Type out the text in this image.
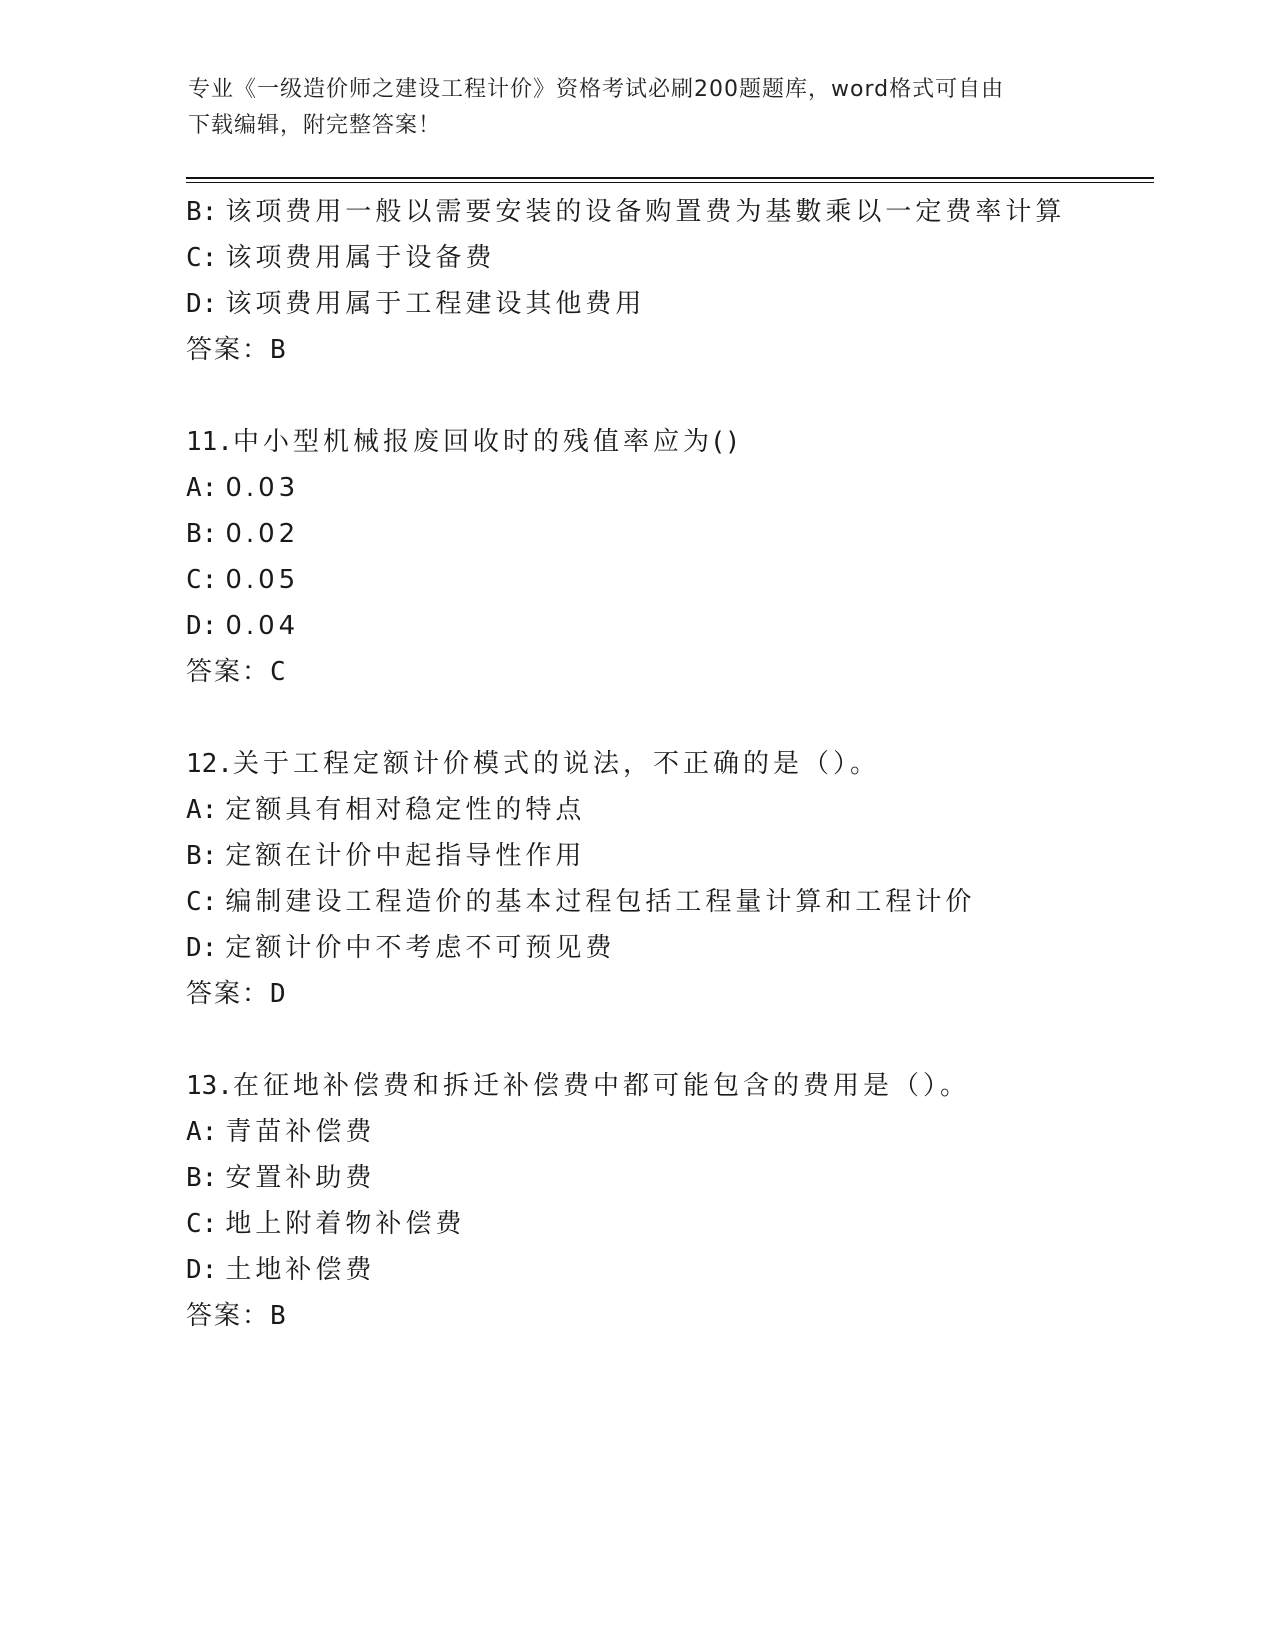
专业《一级造价师之建设工程计价》资格考试必刷200题题库，word格式可自由
下载编辑，附完整答案！
B: 该项费用一般以需要安装的设备购置费为基數乘以一定费率计算
C: 该项费用属于设备费
D: 该项费用属于工程建设其他费用
答案：B
11.中小型机械报废回收时的残值率应为()
A: 0.03
B: 0.02
C: 0.05
D: 0.04
答案：C
12.关于工程定额计价模式的说法，不正确的是（）。
A: 定额具有相对稳定性的特点
B: 定额在计价中起指导性作用
C: 编制建设工程造价的基本过程包括工程量计算和工程计价
D: 定额计价中不考虑不可预见费
答案：D
13.在征地补偿费和拆迁补偿费中都可能包含的费用是（）。
A: 青苗补偿费
B: 安置补助费
C: 地上附着物补偿费
D: 土地补偿费
答案：B
